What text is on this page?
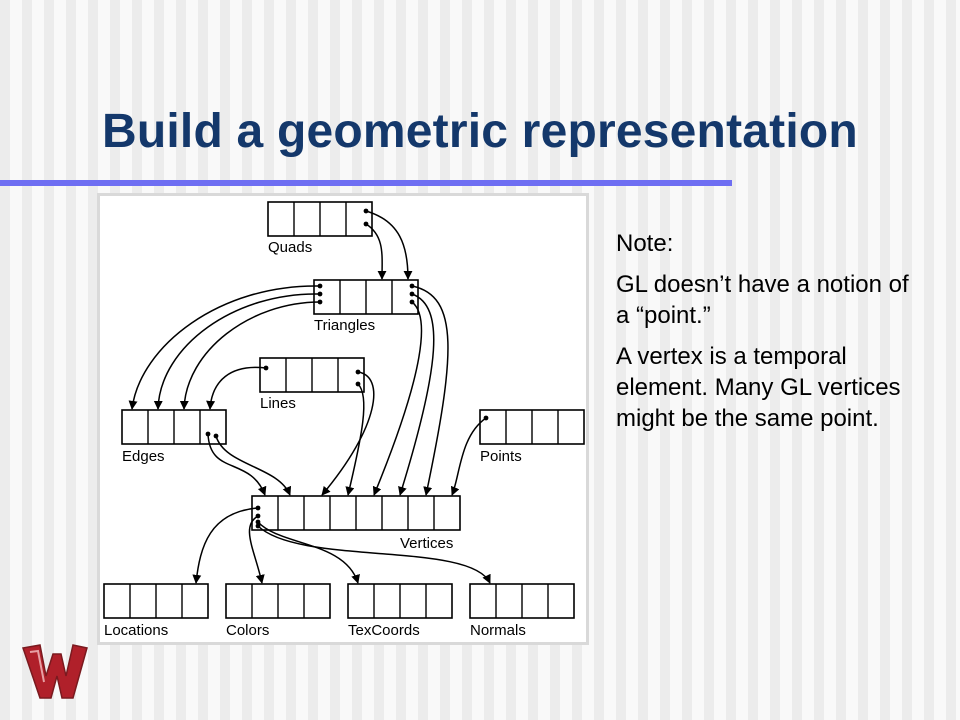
Build a geometric representation
Quads
Triangles
Lines
Edges	Points
Vertices
Locations	Colors	TexCoords	Normals

Note:

GL doesn’t have a notion of a “point.”

A vertex is a temporal element. Many GL vertices might be the same point.
